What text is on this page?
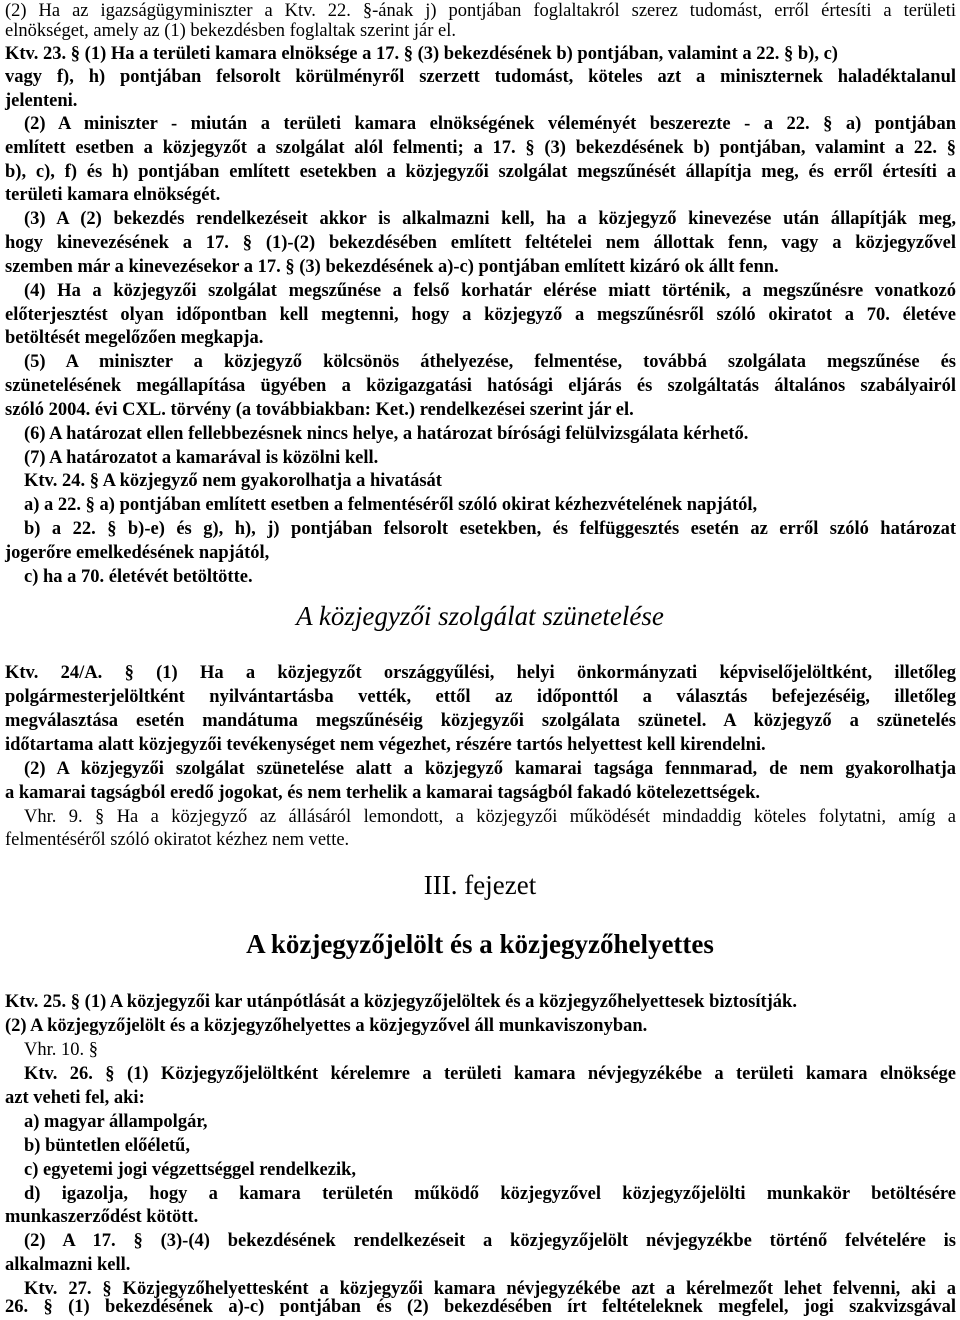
(2) Ha az igazságügyminiszter a Ktv. 22. §-ának j) pontjában foglaltakról szerez tudomást, erről értesíti a területi
elnökséget, amely az (1) bekezdésben foglaltak szerint jár el.
Ktv. 23. § (1) Ha a területi kamara elnöksége a 17. § (3) bekezdésének b) pontjában, valamint a 22. § b), c)
vagy f), h) pontjában felsorolt körülményről szerzett tudomást, köteles azt a miniszternek haladéktalanul
jelenteni.
(2) A miniszter - miután a területi kamara elnökségének véleményét beszerezte - a 22. § a) pontjában
említett esetben a közjegyzőt a szolgálat alól felmenti; a 17. § (3) bekezdésének b) pontjában, valamint a 22. §
b), c), f) és h) pontjában említett esetekben a közjegyzői szolgálat megszűnését állapítja meg, és erről értesíti a
területi kamara elnökségét.
(3) A (2) bekezdés rendelkezéseit akkor is alkalmazni kell, ha a közjegyző kinevezése után állapítják meg,
hogy kinevezésének a 17. § (1)-(2) bekezdésében említett feltételei nem állottak fenn, vagy a közjegyzővel
szemben már a kinevezésekor a 17. § (3) bekezdésének a)-c) pontjában említett kizáró ok állt fenn.
(4) Ha a közjegyzői szolgálat megszűnése a felső korhatár elérése miatt történik, a megszűnésre vonatkozó
előterjesztést olyan időpontban kell megtenni, hogy a közjegyző a megszűnésről szóló okiratot a 70. életéve
betöltését megelőzően megkapja.
(5) A miniszter a közjegyző kölcsönös áthelyezése, felmentése, továbbá szolgálata megszűnése és
szünetelésének megállapítása ügyében a közigazgatási hatósági eljárás és szolgáltatás általános szabályairól
szóló 2004. évi CXL. törvény (a továbbiakban: Ket.) rendelkezései szerint jár el.
(6) A határozat ellen fellebbezésnek nincs helye, a határozat bírósági felülvizsgálata kérhető.
(7) A határozatot a kamarával is közölni kell.
Ktv. 24. § A közjegyző nem gyakorolhatja a hivatását
a) a 22. § a) pontjában említett esetben a felmentéséről szóló okirat kézhezvételének napjától,
b) a 22. § b)-e) és g), h), j) pontjában felsorolt esetekben, és felfüggesztés esetén az erről szóló határozat
jogerőre emelkedésének napjától,
c) ha a 70. életévét betöltötte.
A közjegyzői szolgálat szünetelése
Ktv. 24/A. § (1) Ha a közjegyzőt országgyűlési, helyi önkormányzati képviselőjelöltként, illetőleg
polgármesterjelöltként nyilvántartásba vették, ettől az időponttól a választás befejezéséig, illetőleg
megválasztása esetén mandátuma megszűnéséig közjegyzői szolgálata szünetel. A közjegyző a szünetelés
időtartama alatt közjegyzői tevékenységet nem végezhet, részére tartós helyettest kell kirendelni.
(2) A közjegyzői szolgálat szünetelése alatt a közjegyző kamarai tagsága fennmarad, de nem gyakorolhatja
a kamarai tagságból eredő jogokat, és nem terhelik a kamarai tagságból fakadó kötelezettségek.
Vhr. 9. § Ha a közjegyző az állásáról lemondott, a közjegyzői működését mindaddig köteles folytatni, amíg a
felmentéséről szóló okiratot kézhez nem vette.
III. fejezet
A közjegyzőjelölt és a közjegyzőhelyettes
Ktv. 25. § (1) A közjegyzői kar utánpótlását a közjegyzőjelöltek és a közjegyzőhelyettesek biztosítják.
(2) A közjegyzőjelölt és a közjegyzőhelyettes a közjegyzővel áll munkaviszonyban.
Vhr. 10. §
Ktv. 26. § (1) Közjegyzőjelöltként kérelemre a területi kamara névjegyzékébe a területi kamara elnöksége
azt veheti fel, aki:
a) magyar állampolgár,
b) büntetlen előéletű,
c) egyetemi jogi végzettséggel rendelkezik,
d) igazolja, hogy a kamara területén működő közjegyzővel közjegyzőjelölti munkakör betöltésére
munkaszerződést kötött.
(2) A 17. § (3)-(4) bekezdésének rendelkezéseit a közjegyzőjelölt névjegyzékbe történő felvételére is
alkalmazni kell.
Ktv. 27. § Közjegyzőhelyettesként a közjegyzői kamara névjegyzékébe azt a kérelmezőt lehet felvenni, aki a
26. § (1) bekezdésének a)-c) pontjában és (2) bekezdésében írt feltételeknek megfelel, jogi szakvizsgával
